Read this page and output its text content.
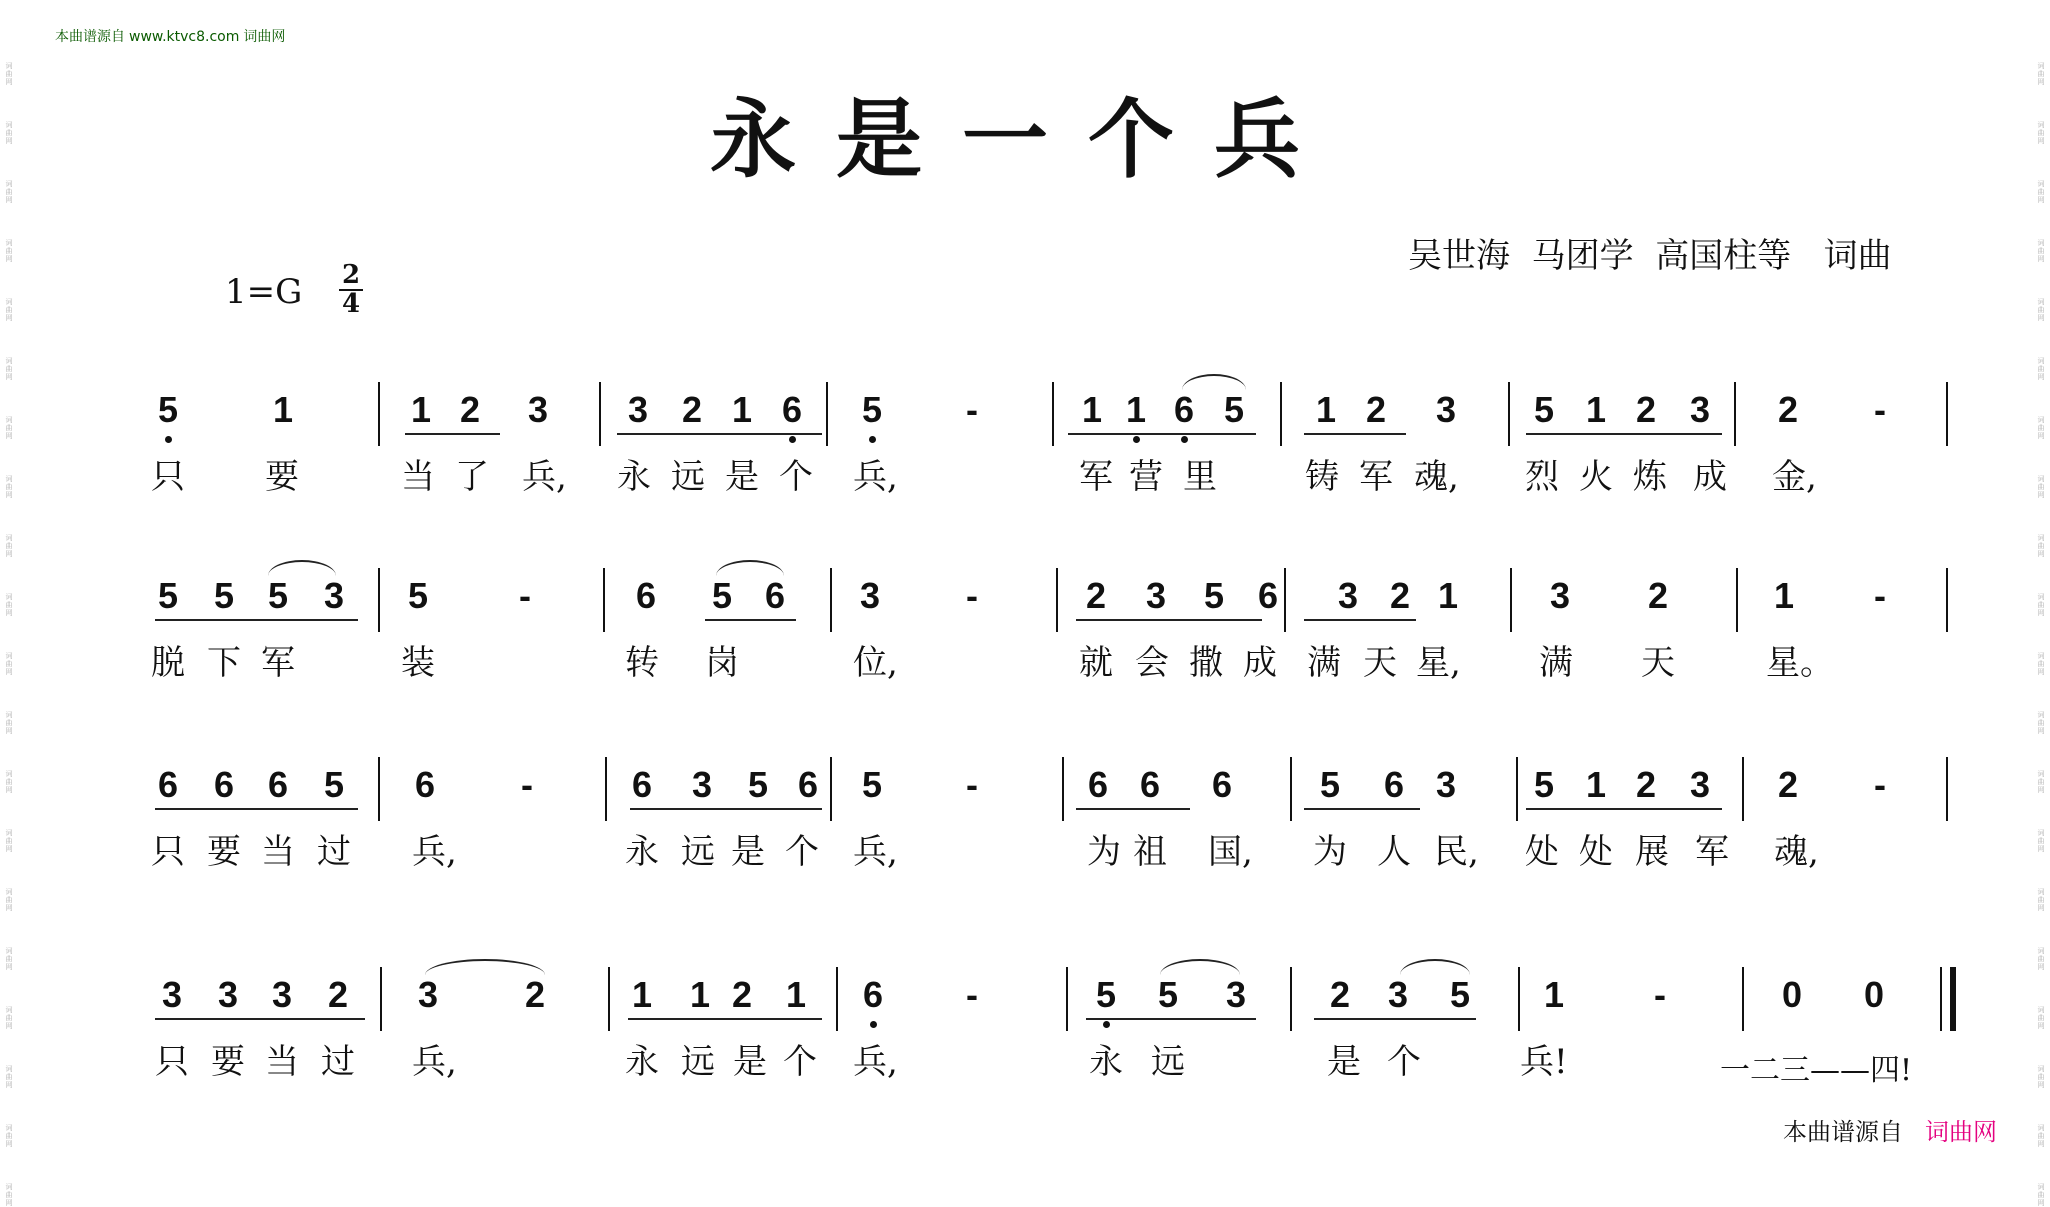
本曲谱源自 www.ktvc8.com 词曲网
词
曲
网
词
曲
网
词
曲
网
词
曲
网
词
曲
网
词
曲
网
词
曲
网
词
曲
网
词
曲
网
词
曲
网
词
曲
网
词
曲
网
词
曲
网
词
曲
网
词
曲
网
词
曲
网
词
曲
网
词
曲
网
词
曲
网
词
曲
网
词
曲
网
词
曲
网
词
曲
网
词
曲
网
词
曲
网
词
曲
网
词
曲
网
词
曲
网
词
曲
网
词
曲
网
词
曲
网
词
曲
网
词
曲
网
词
曲
网
词
曲
网
词
曲
网
词
曲
网
词
曲
网
词
曲
网
词
曲
网
永是一个兵
吴世海  马团学  高国柱等   词曲
1=G 2
4
5	1	1 2 3 3 2 1 6 5 -	1 1 6 5 1 2 3 5 1 2 3 2 -
只 要	当 了 兵, 永 远 是 个 兵,	军 营 里	铸 军 魂, 烈 火 炼 成 金,
5 5 5 3 5	-	6 5 6 3 -	2 3 5 6 3 2 1	3 2	1 -
脱 下 军	装	转 岗	位,	就 会 撒 成 满 天 星, 满 天	星。
6 6 6 5 6 -	6 3 5 6 5 -	6 6 6 5 6 3 5 1 2 3 2 -
只 要 当 过 兵,	永 远 是 个 兵,	为 祖 国, 为 人 民, 处 处 展 军 魂,
3 3 3 2 3 2 1 1 2 1 6 -	5 5 3 2 3 5 1 -	0 0
只 要 当 过 兵,	永 远 是 个 兵,	永 远	是 个	兵!	一二三——四!
本曲谱源自 词曲网
